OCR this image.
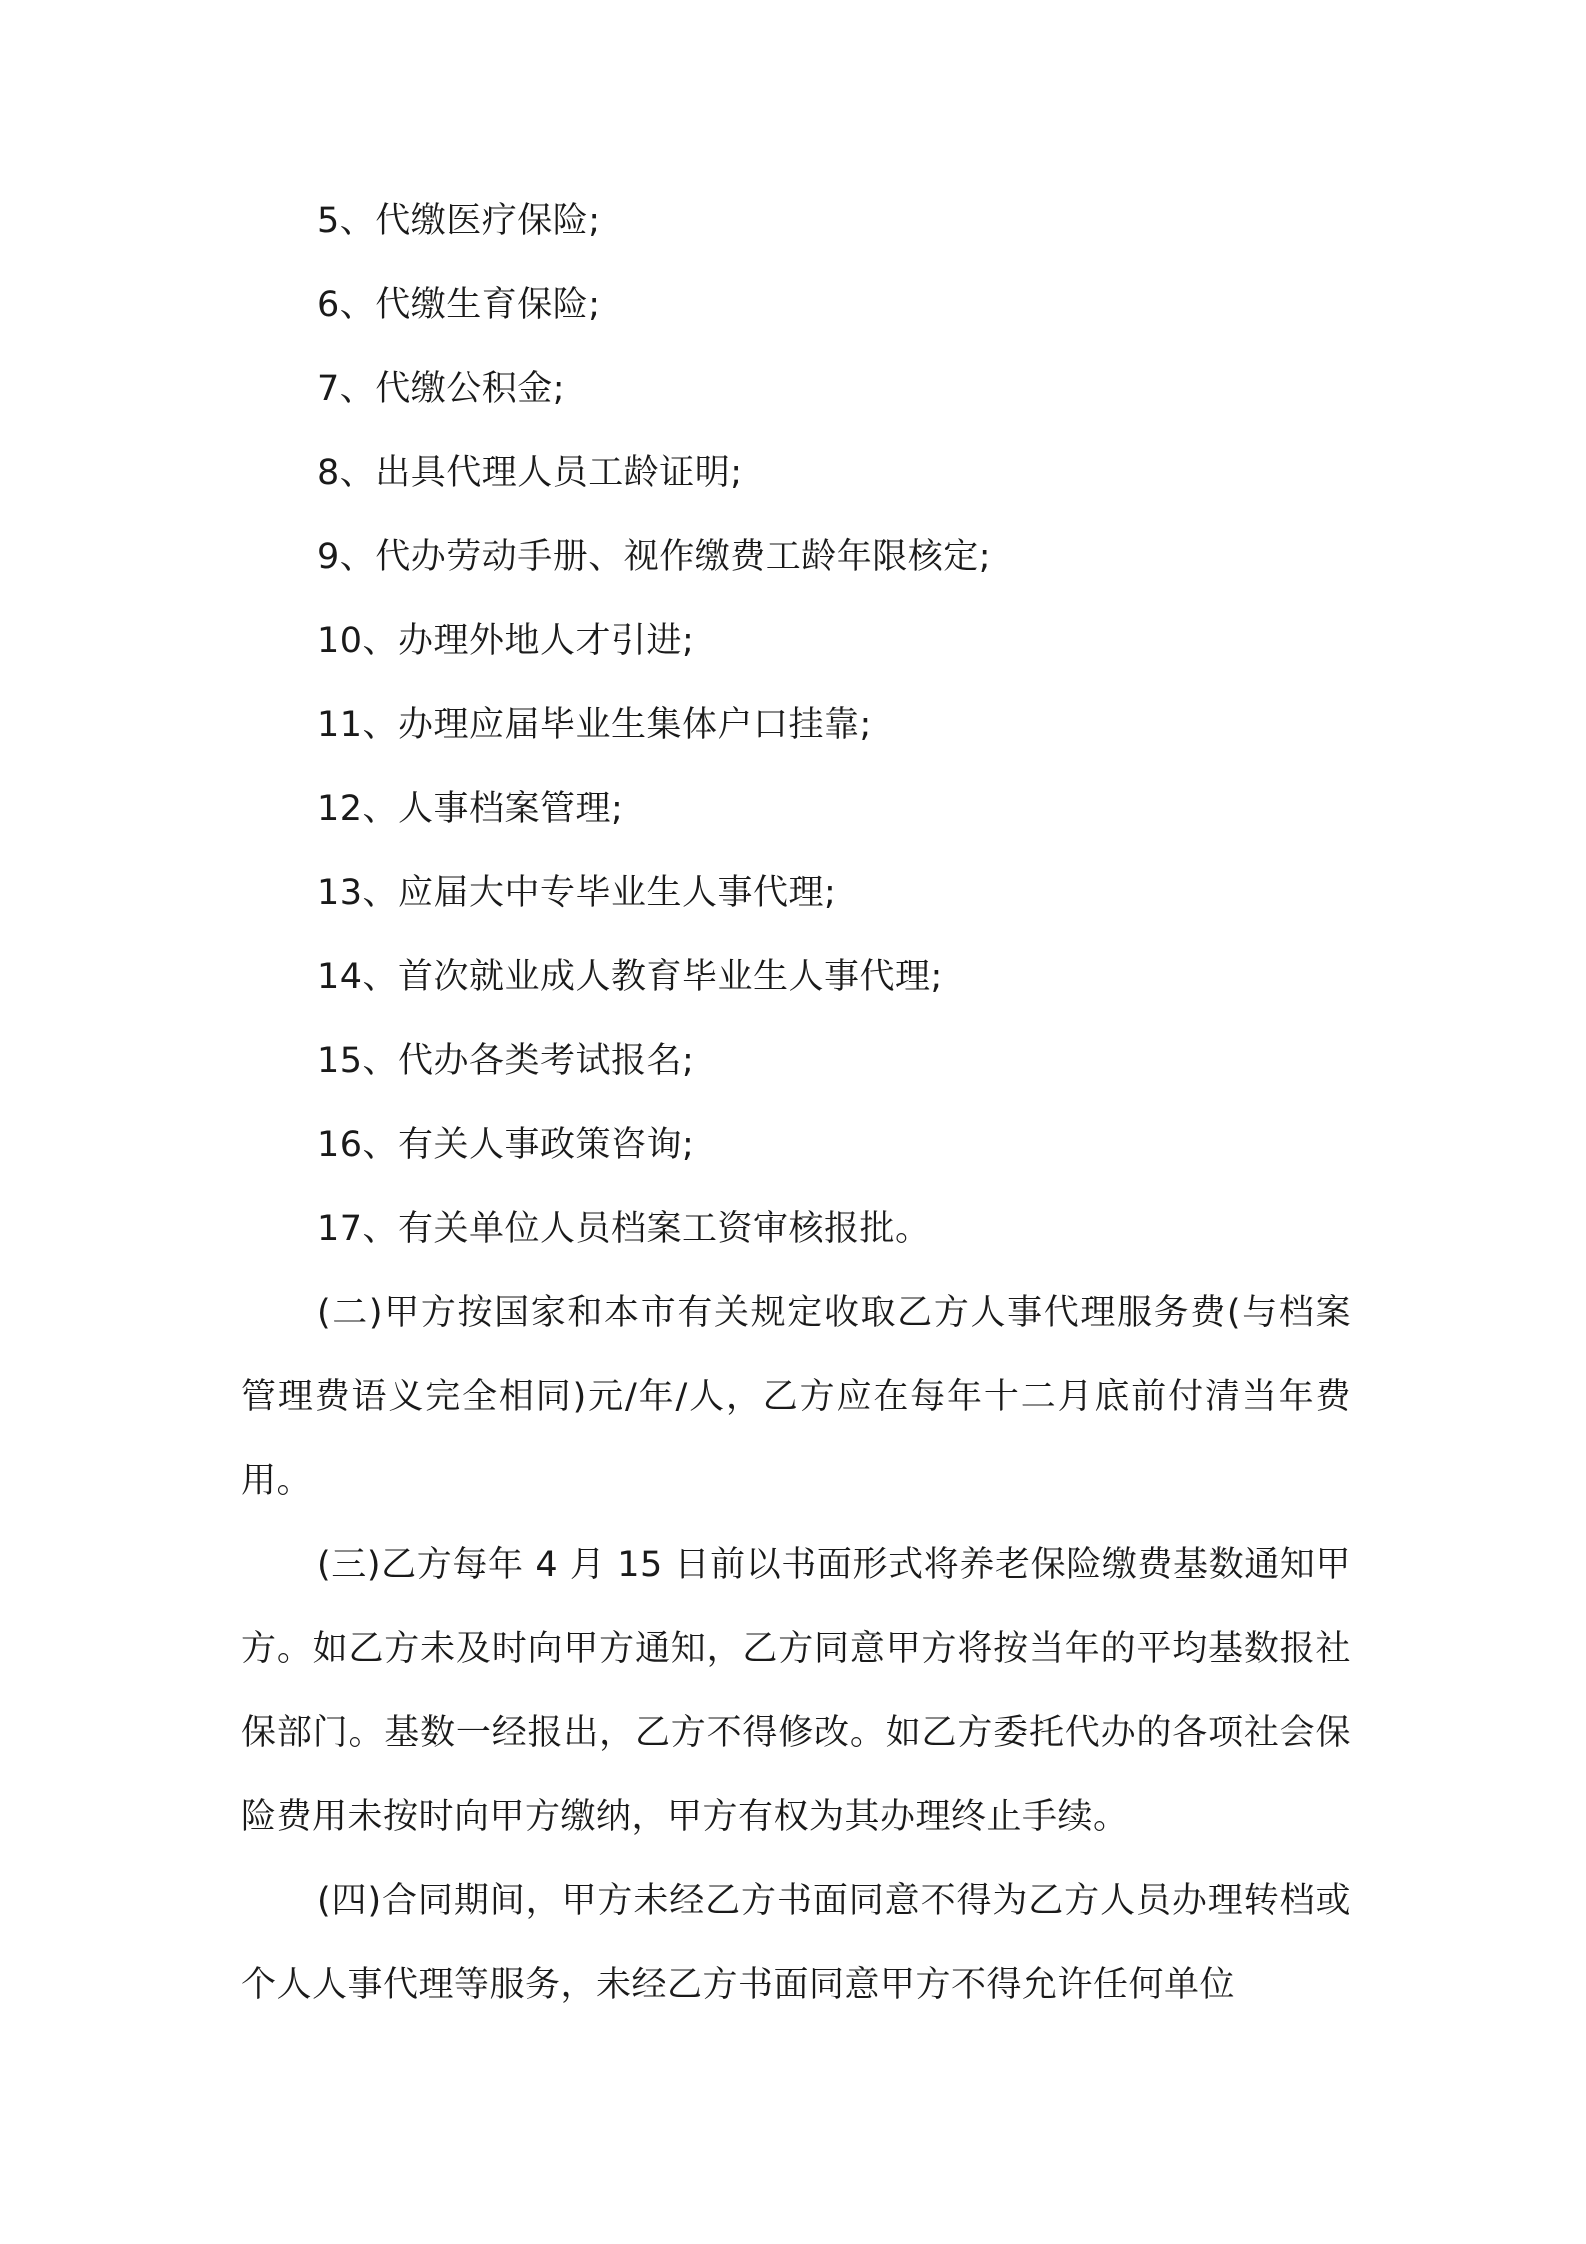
5、代缴医疗保险;
6、代缴生育保险;
7、代缴公积金;
8、出具代理人员工龄证明;
9、代办劳动手册、视作缴费工龄年限核定;
10、办理外地人才引进;
11、办理应届毕业生集体户口挂靠;
12、人事档案管理;
13、应届大中专毕业生人事代理;
14、首次就业成人教育毕业生人事代理;
15、代办各类考试报名;
16、有关人事政策咨询;
17、有关单位人员档案工资审核报批。

(二)甲方按国家和本市有关规定收取乙方人事代理服务费(与档案管理费语义完全相同)元/年/人，乙方应在每年十二月底前付清当年费用。

(三)乙方每年 4 月 15 日前以书面形式将养老保险缴费基数通知甲方。如乙方未及时向甲方通知，乙方同意甲方将按当年的平均基数报社保部门。基数一经报出，乙方不得修改。如乙方委托代办的各项社会保险费用未按时向甲方缴纳，甲方有权为其办理终止手续。

(四)合同期间，甲方未经乙方书面同意不得为乙方人员办理转档或个人人事代理等服务，未经乙方书面同意甲方不得允许任何单位
